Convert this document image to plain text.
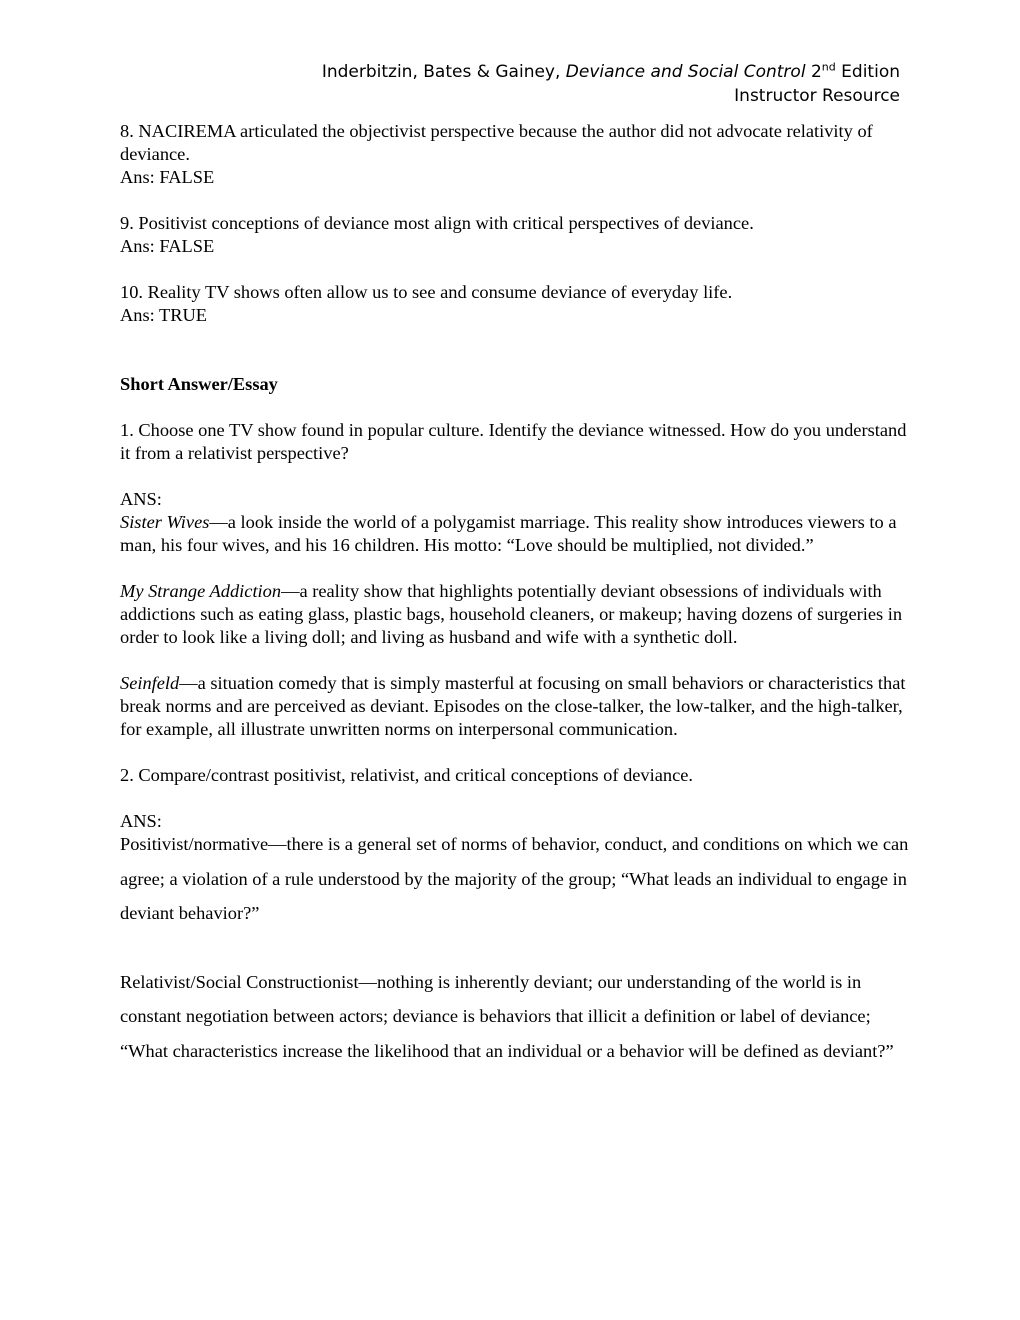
Inderbitzin, Bates & Gainey, Deviance and Social Control 2nd Edition
Instructor Resource

8. NACIREMA articulated the objectivist perspective because the author did not advocate relativity of deviance.

Ans: FALSE

9. Positivist conceptions of deviance most align with critical perspectives of deviance.

Ans: FALSE

10. Reality TV shows often allow us to see and consume deviance of everyday life.

Ans: TRUE

Short Answer/Essay

1. Choose one TV show found in popular culture. Identify the deviance witnessed. How do you understand it from a relativist perspective?

ANS:

Sister Wives—a look inside the world of a polygamist marriage. This reality show introduces viewers to a man, his four wives, and his 16 children. His motto: “Love should be multiplied, not divided.”

My Strange Addiction—a reality show that highlights potentially deviant obsessions of individuals with addictions such as eating glass, plastic bags, household cleaners, or makeup; having dozens of surgeries in order to look like a living doll; and living as husband and wife with a synthetic doll.

Seinfeld—a situation comedy that is simply masterful at focusing on small behaviors or characteristics that break norms and are perceived as deviant. Episodes on the close-talker, the low-talker, and the high-talker, for example, all illustrate unwritten norms on interpersonal communication.

2. Compare/contrast positivist, relativist, and critical conceptions of deviance.

ANS:

Positivist/normative—there is a general set of norms of behavior, conduct, and conditions on which we can agree; a violation of a rule understood by the majority of the group; “What leads an individual to engage in deviant behavior?”

Relativist/Social Constructionist—nothing is inherently deviant; our understanding of the world is in constant negotiation between actors; deviance is behaviors that illicit a definition or label of deviance; “What characteristics increase the likelihood that an individual or a behavior will be defined as deviant?”
